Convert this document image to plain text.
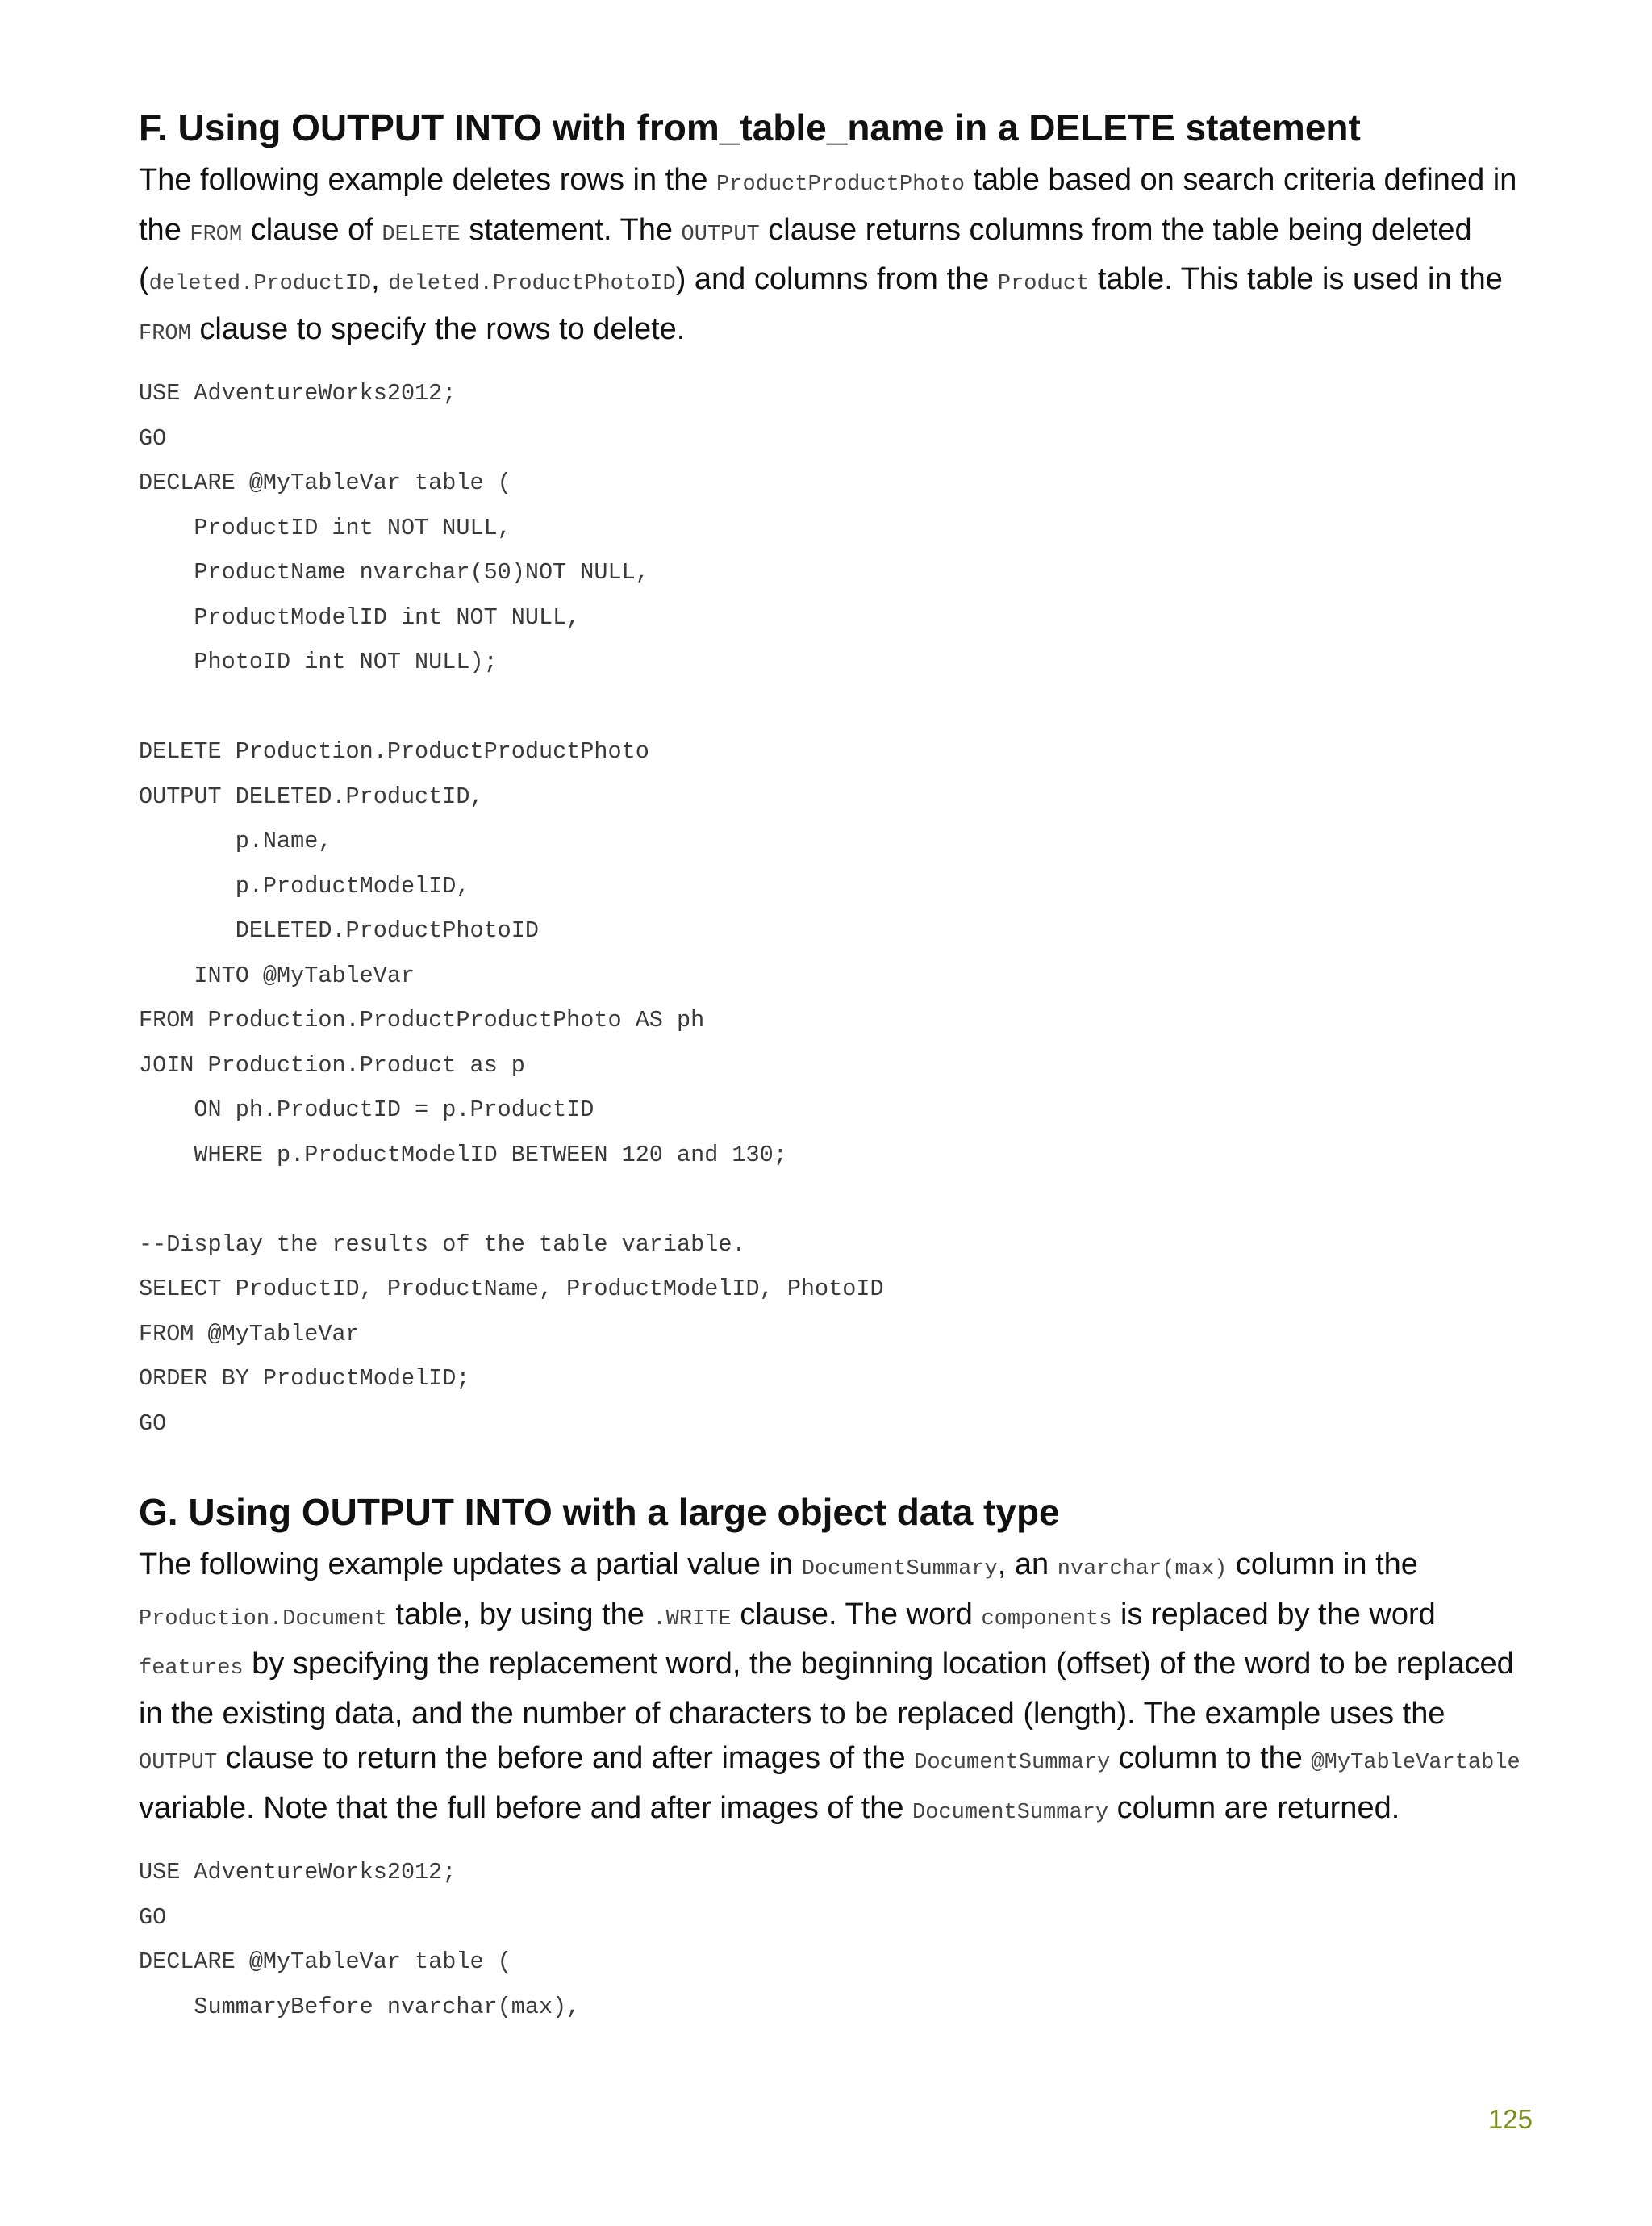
F. Using OUTPUT INTO with from_table_name in a DELETE statement

The following example deletes rows in the ProductProductPhoto table based on search criteria defined in the FROM clause of DELETE statement. The OUTPUT clause returns columns from the table being deleted (deleted.ProductID, deleted.ProductPhotoID) and columns from the Product table. This table is used in the FROM clause to specify the rows to delete.

USE AdventureWorks2012;
GO
DECLARE @MyTableVar table (
ProductID int NOT NULL,
ProductName nvarchar(50)NOT NULL,
ProductModelID int NOT NULL,
PhotoID int NOT NULL);
DELETE Production.ProductProductPhoto
OUTPUT DELETED.ProductID,
p.Name,
p.ProductModelID,
DELETED.ProductPhotoID
INTO @MyTableVar
FROM Production.ProductProductPhoto AS ph
JOIN Production.Product as p
ON ph.ProductID = p.ProductID
WHERE p.ProductModelID BETWEEN 120 and 130;
--Display the results of the table variable.
SELECT ProductID, ProductName, ProductModelID, PhotoID
FROM @MyTableVar
ORDER BY ProductModelID;
GO
G. Using OUTPUT INTO with a large object data type

The following example updates a partial value in DocumentSummary, an nvarchar(max) column in the Production.Document table, by using the .WRITE clause. The word components is replaced by the word features by specifying the replacement word, the beginning location (offset) of the word to be replaced in the existing data, and the number of characters to be replaced (length). The example uses the OUTPUT clause to return the before and after images of the DocumentSummary column to the @MyTableVartable variable. Note that the full before and after images of the DocumentSummary column are returned.

USE AdventureWorks2012;
GO
DECLARE @MyTableVar table (
SummaryBefore nvarchar(max),
125
